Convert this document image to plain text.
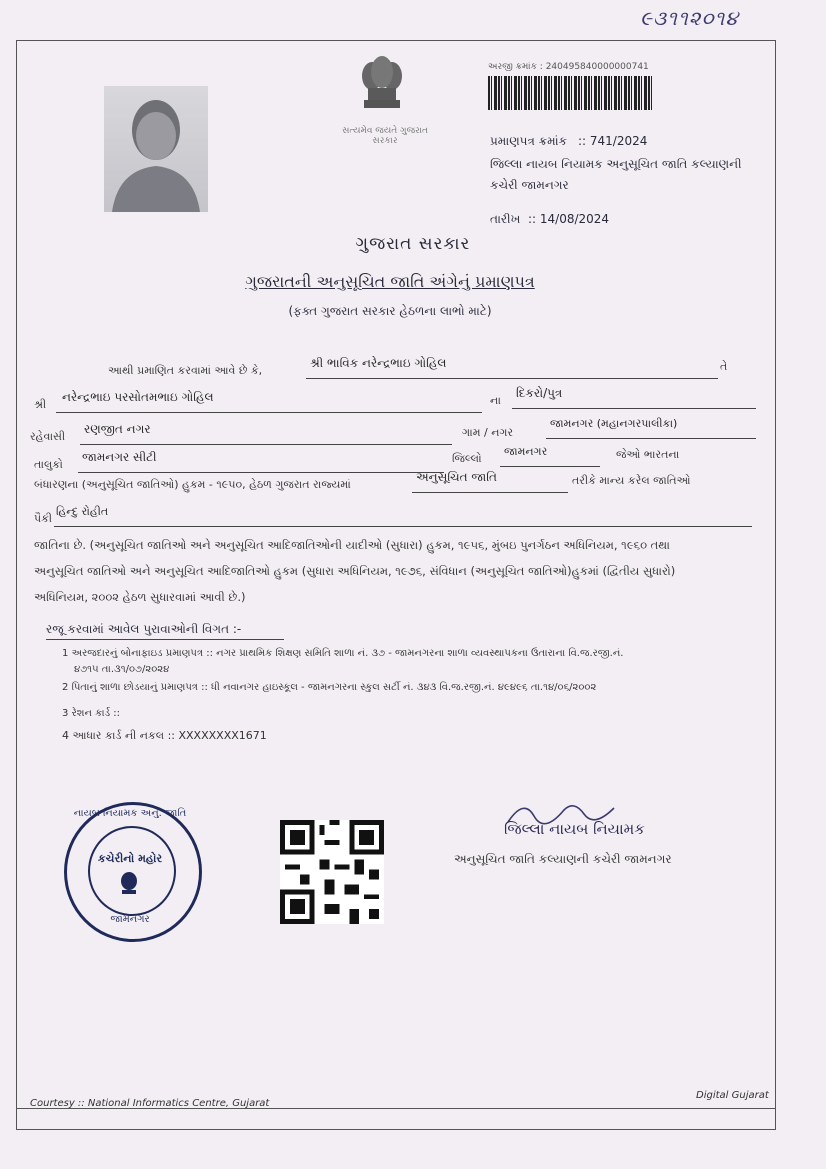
૯૩૧૧૨૦૧૪
સત્યમેવ જયતે ગુજરાત સરકાર
અરજી ક્રમાંક : 240495840000000741
પ્રમાણપત્ર ક્રમાંક :: 741/2024
જિલ્લા નાયબ નિયામક અનુસૂચિત જાતિ કલ્યાણની
કચેરી જામનગર
તારીખ :: 14/08/2024
ગુજરાત સરકાર
ગુજરાતની અનુસૂચિત જાતિ અંગેનું પ્રમાણપત્ર
(ફક્ત ગુજરાત સરકાર હેઠળના લાભો માટે)
આથી પ્રમાણિત કરવામાં આવે છે કે,
શ્રી ભાવિક નરેન્દ્રભાઇ ગોહિલ	તે
શ્રી
નરેન્દ્રભાઇ પરસોતમભાઇ ગોહિલ	ના
દિકરો/પુત્ર
રહેવાસી
રણજીત નગર	ગામ / નગર
જામનગર (મહાનગરપાલીકા)
તાલુકો
જામનગર સીટી	જિલ્લો
જામનગર	જેઓ ભારતના
બંધારણના (અનુસૂચિત જાતિઓ) હુકમ - ૧૯૫૦, હેઠળ ગુજરાત રાજ્યમાં
અનુસૂચિત જાતિ	તરીકે માન્ય કરેલ જાતિઓ
પૈકી
હિન્દુ રોહીત
જાતિના છે. (અનુસૂચિત જાતિઓ અને અનુસૂચિત આદિજાતિઓની યાદીઓ (સુધારા) હુકમ, ૧૯૫૬, મુંબઇ પુનર્ગઠન અધિનિયમ, ૧૯૬૦ તથા
અનુસૂચિત જાતિઓ અને અનુસૂચિત આદિજાતિઓ હુકમ (સુધારા અધિનિયમ, ૧૯૭૬, સંવિધાન (અનુસૂચિત જાતિઓ)હુકમાં (દ્વિતીય સુધારો)
અધિનિયમ, ૨૦૦૨ હેઠળ સુધારવામાં આવી છે.)
રજૂ કરવામાં આવેલ પુરાવાઓની વિગત :-
1 અરજદારનું બોનાફાઇડ પ્રમાણપત્ર :: નગર પ્રાથમિક શિક્ષણ સમિતિ શાળા નં. ૩૭ - જામનગરના શાળા વ્યવસ્થાપકના ઉતારાના વિ.જ.રજી.નં.
૪૭૧૫ તા.૩૧/૦૭/૨૦૨૪
2 પિતાનું શાળા છોડયાનું પ્રમાણપત્ર :: ધી નવાનગર હાઇસ્કૂલ - જામનગરના સ્કુલ સર્ટી નં. ૩૪૩ વિ.જ.રજી.નં. ૪૯૪૯૬ તા.૧૪/૦૬/૨૦૦૨
3 રેશન કાર્ડ ::
4 આધાર કાર્ડ ની નકલ :: XXXXXXXX1671
નાયબ નિયામક અનુ. જાતિ
કચેરીનો મહોર
જામનગર
જિલ્લા નાયબ નિયામક
અનુસૂચિત જાતિ કલ્યાણની કચેરી જામનગર
Courtesy :: National Informatics Centre, Gujarat
Digital Gujarat
